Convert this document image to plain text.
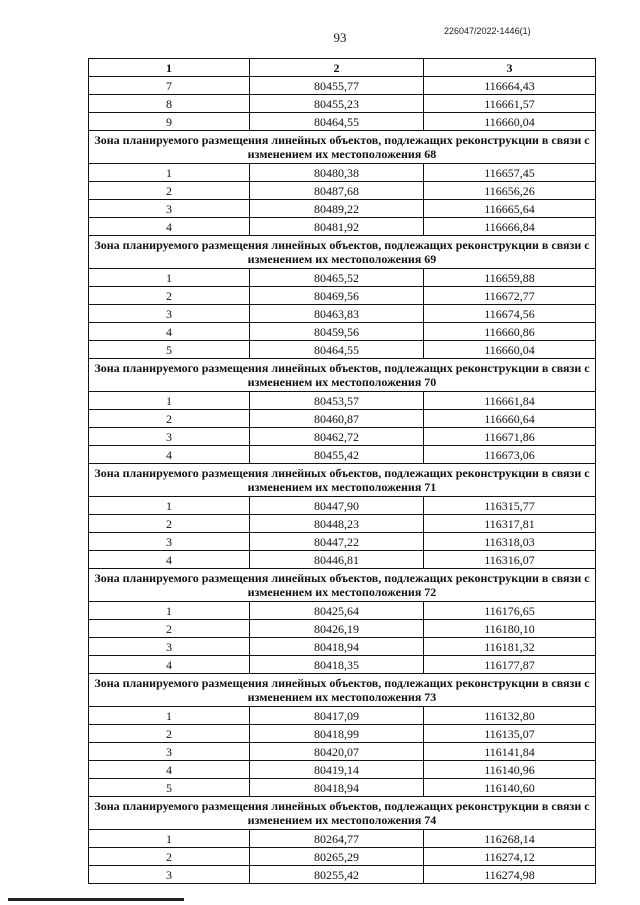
93	226047/2022-1446(1)
1	2	3
7	80455,77	116664,43
8	80455,23	116661,57
9	80464,55	116660,04
Зона планируемого размещения линейных объектов, подлежащих реконструкции в связи с изменением их местоположения 68		
1	80480,38	116657,45
2	80487,68	116656,26
3	80489,22	116665,64
4	80481,92	116666,84
Зона планируемого размещения линейных объектов, подлежащих реконструкции в связи с изменением их местоположения 69		
1	80465,52	116659,88
2	80469,56	116672,77
3	80463,83	116674,56
4	80459,56	116660,86
5	80464,55	116660,04
Зона планируемого размещения линейных объектов, подлежащих реконструкции в связи с изменением их местоположения 70		
1	80453,57	116661,84
2	80460,87	116660,64
3	80462,72	116671,86
4	80455,42	116673,06
Зона планируемого размещения линейных объектов, подлежащих реконструкции в связи с изменением их местоположения 71		
1	80447,90	116315,77
2	80448,23	116317,81
3	80447,22	116318,03
4	80446,81	116316,07
Зона планируемого размещения линейных объектов, подлежащих реконструкции в связи с изменением их местоположения 72		
1	80425,64	116176,65
2	80426,19	116180,10
3	80418,94	116181,32
4	80418,35	116177,87
Зона планируемого размещения линейных объектов, подлежащих реконструкции в связи с изменением их местоположения 73		
1	80417,09	116132,80
2	80418,99	116135,07
3	80420,07	116141,84
4	80419,14	116140,96
5	80418,94	116140,60
Зона планируемого размещения линейных объектов, подлежащих реконструкции в связи с изменением их местоположения 74		
1	80264,77	116268,14
2	80265,29	116274,12
3	80255,42	116274,98
